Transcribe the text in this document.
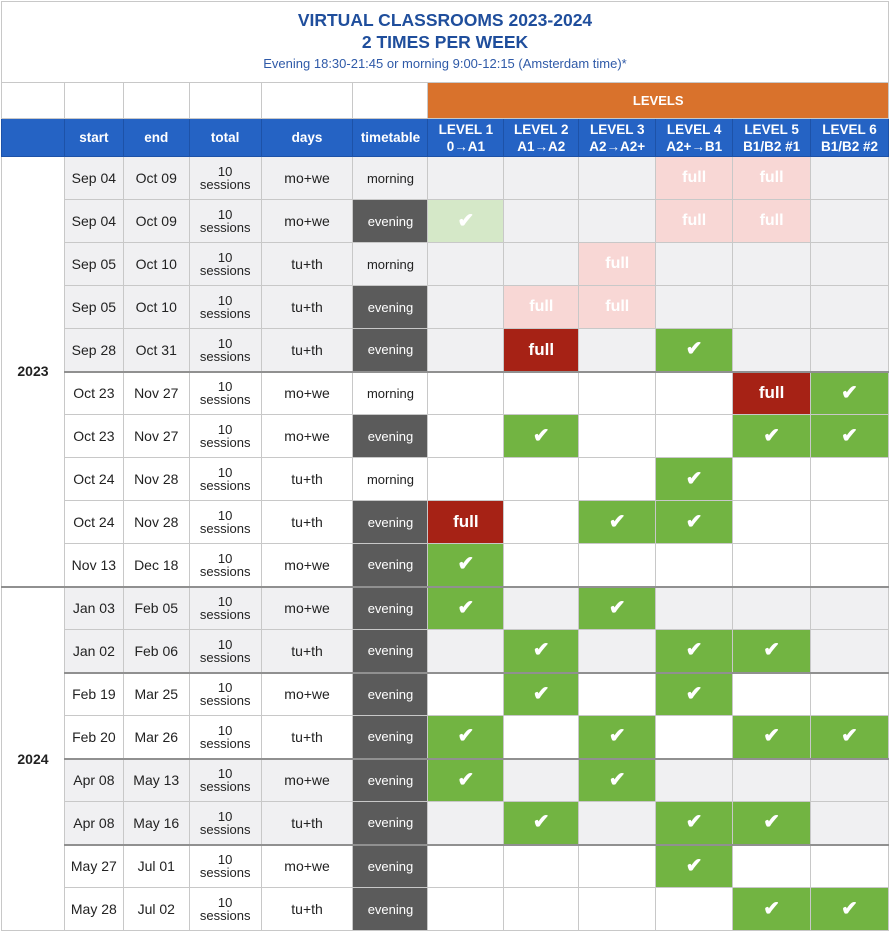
VIRTUAL CLASSROOMS 2023-2024
2 TIMES PER WEEK
Evening 18:30-21:45 or morning 9:00-12:15 (Amsterdam time)*
						LEVELS					
	start	end	total	days	timetable	LEVEL 1
0→A1	LEVEL 2
A1→A2	LEVEL 3
A2→A2+	LEVEL 4
A2+→B1	LEVEL 5
B1/B2 #1	LEVEL 6
B1/B2 #2
2023	Sep 04	Oct 09	10
sessions	mo+we	morning				full	full	
	Sep 04	Oct 09	10
sessions	mo+we	evening	✔			full	full	
	Sep 05	Oct 10	10
sessions	tu+th	morning			full			
	Sep 05	Oct 10	10
sessions	tu+th	evening		full	full			
	Sep 28	Oct 31	10
sessions	tu+th	evening		full		✔		
	Oct 23	Nov 27	10
sessions	mo+we	morning					full	✔
	Oct 23	Nov 27	10
sessions	mo+we	evening		✔			✔	✔
	Oct 24	Nov 28	10
sessions	tu+th	morning				✔		
	Oct 24	Nov 28	10
sessions	tu+th	evening	full		✔	✔		
	Nov 13	Dec 18	10
sessions	mo+we	evening	✔					
2024	Jan 03	Feb 05	10
sessions	mo+we	evening	✔		✔			
	Jan 02	Feb 06	10
sessions	tu+th	evening		✔		✔	✔	
	Feb 19	Mar 25	10
sessions	mo+we	evening		✔		✔		
	Feb 20	Mar 26	10
sessions	tu+th	evening	✔		✔		✔	✔
	Apr 08	May 13	10
sessions	mo+we	evening	✔		✔			
	Apr 08	May 16	10
sessions	tu+th	evening		✔		✔	✔	
	May 27	Jul 01	10
sessions	mo+we	evening				✔		
	May 28	Jul 02	10
sessions	tu+th	evening					✔	✔
